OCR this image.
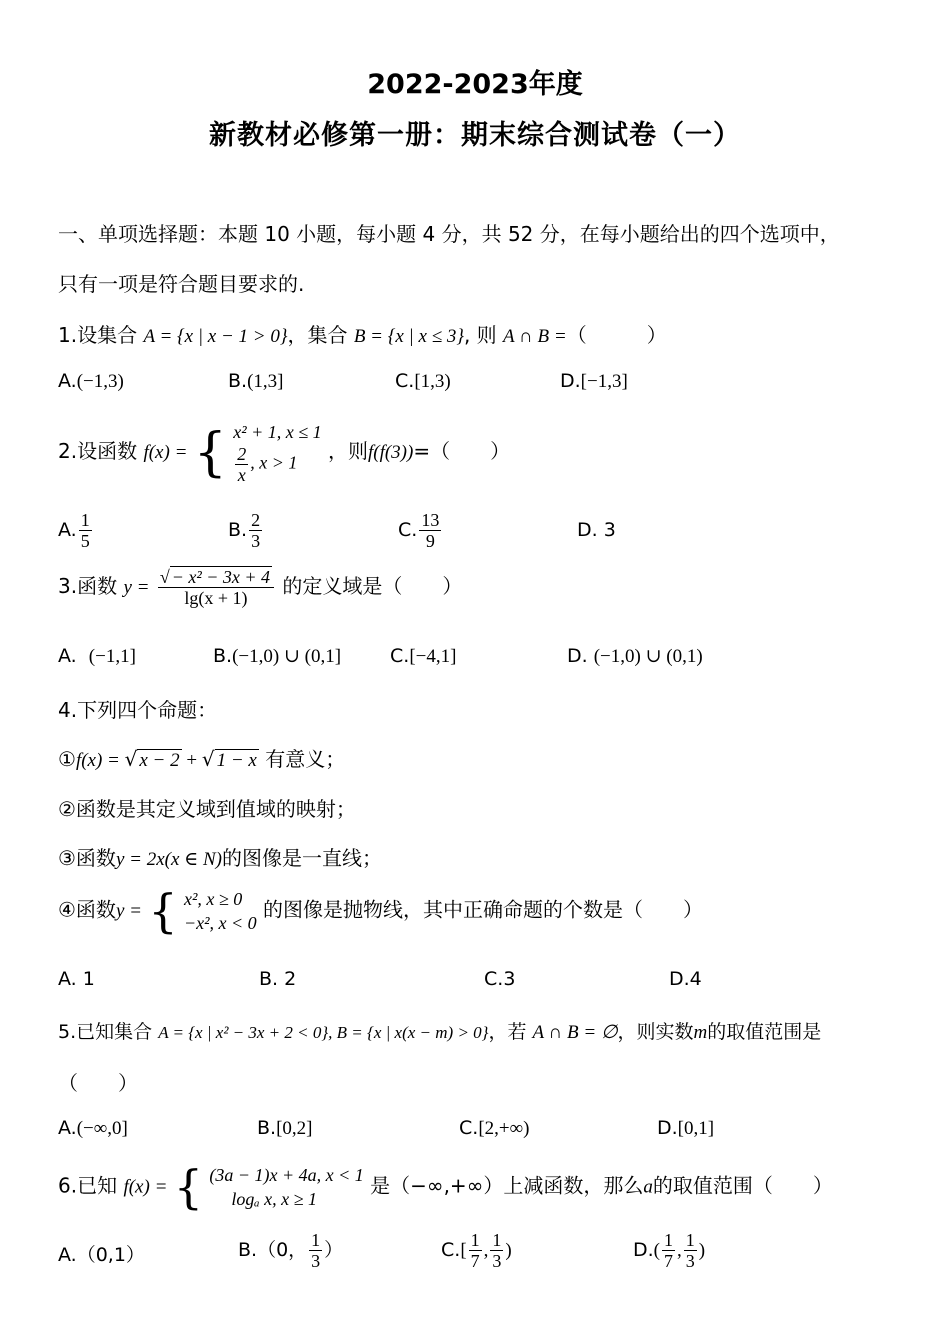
2022-2023年度
新教材必修第一册：期末综合测试卷（一）
一、单项选择题：本题 10 小题，每小题 4 分，共 52 分，在每小题给出的四个选项中，
只有一项是符合题目要求的.
1.设集合 A = {x | x − 1 > 0}，集合 B = {x | x ≤ 3}, 则 A ∩ B =（　　　）
A.(−1,3)	B.(1,3]	C.[1,3)	D.[−1,3]
2.设函数 f(x) = { x² + 1, x ≤ 1
$\frac{2}{x}$ , x > 1	，则f(f(3))=（　　）
A. $\frac{1}{5}$	B. $\frac{2}{3}$	C. $\frac{13}{9}$	D. 3
3.函数 $y = \frac{\text{√ − x² − 3x + 4}}{\lg(x + 1)}$ 的定义域是（　　）
A. (−1,1]	B.(−1,0) ∪ (0,1]	C.[−4,1]	D. (−1,0) ∪ (0,1)
4.下列四个命题：
①f(x) = √ x − 2 + √ 1 − x 有意义；
②函数是其定义域到值域的映射；
③函数y = 2x(x ∈ N)的图像是一直线；
④函数y = { x², x ≥ 0
−x², x < 0
的图像是抛物线，其中正确命题的个数是（　　）
A. 1	B. 2	C.3	D.4
5.已知集合 A = {x | x² − 3x + 2 < 0}, B = {x | x(x − m) > 0}，若 A ∩ B = ∅，则实数m的取值范围是
（　　）
A.(−∞,0]	B.[0,2]	C.[2,+∞)	D.[0,1]
6.已知 f(x) = { (3a − 1)x + 4a, x < 1
logₐ x, x ≥ 1
是（−∞,+∞）上减函数，那么a的取值范围（　　）
A.（0,1）	B.（0， $\frac{1}{3}$ ）	$C.[ \frac{1}{7}$ , $\frac{1}{3}$ )	$D.( \frac{1}{7}$ , $\frac{1}{3}$ )
